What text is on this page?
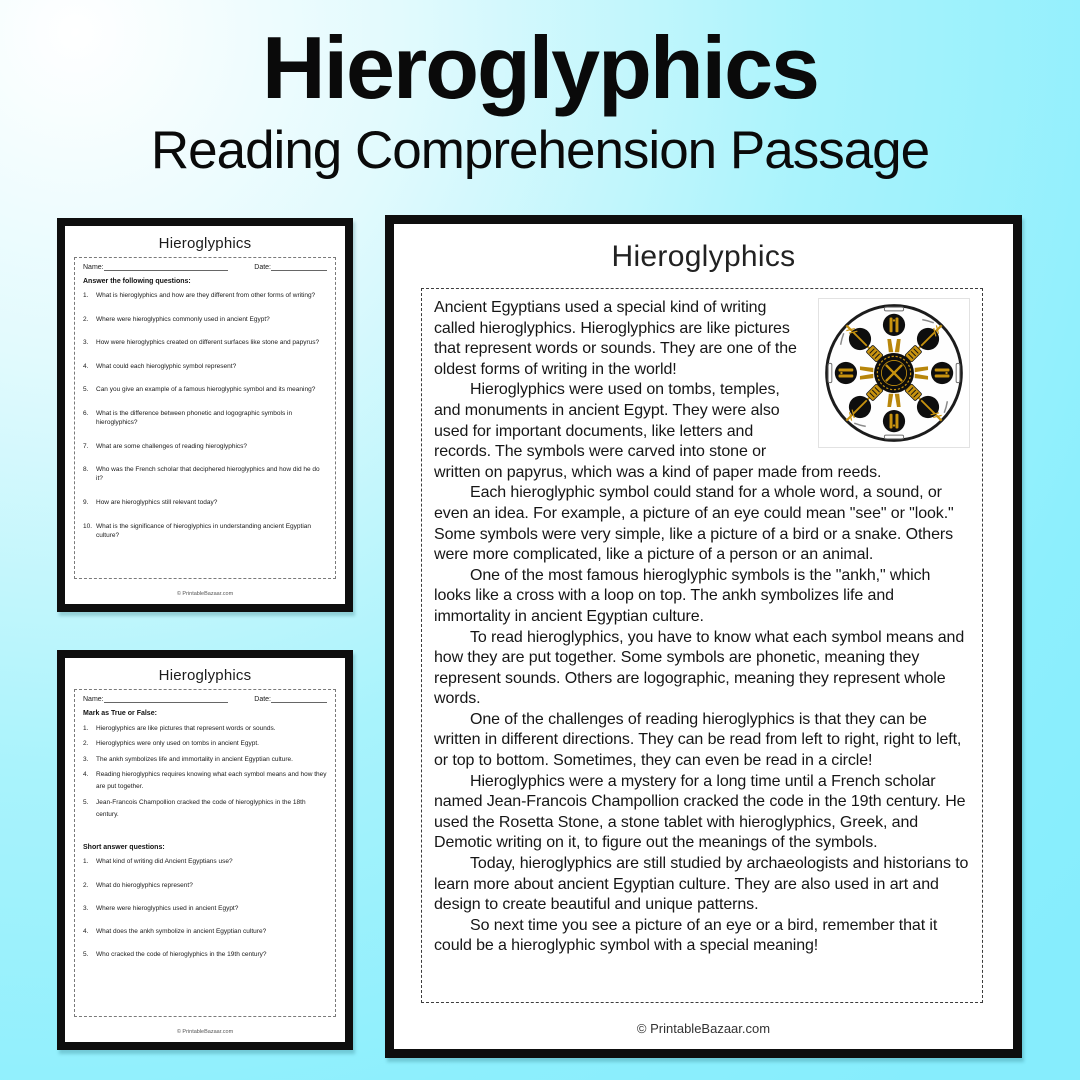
Hieroglyphics
Reading Comprehension Passage
Hieroglyphics
Name:	Date:
Answer the following questions:
1.	What is hieroglyphics and how are they different from other forms of writing?
2.	Where were hieroglyphics commonly used in ancient Egypt?
3.	How were hieroglyphics created on different surfaces like stone and papyrus?
4.	What could each hieroglyphic symbol represent?
5.	Can you give an example of a famous hieroglyphic symbol and its meaning?
6.	What is the difference between phonetic and logographic symbols in hieroglyphics?
7.	What are some challenges of reading hieroglyphics?
8.	Who was the French scholar that deciphered hieroglyphics and how did he do it?
9.	How are hieroglyphics still relevant today?
10. What is the significance of hieroglyphics in understanding ancient Egyptian culture?
© PrintableBazaar.com
Hieroglyphics
Name:	Date:
Mark as True or False:
1.	Hieroglyphics are like pictures that represent words or sounds.
2.	Hieroglyphics were only used on tombs in ancient Egypt.
3.	The ankh symbolizes life and immortality in ancient Egyptian culture.
4.	Reading hieroglyphics requires knowing what each symbol means and how they are put together.
5.	Jean-Francois Champollion cracked the code of hieroglyphics in the 18th century.
Short answer questions:
1.	What kind of writing did Ancient Egyptians use?
2.	What do hieroglyphics represent?
3.	Where were hieroglyphics used in ancient Egypt?
4.	What does the ankh symbolize in ancient Egyptian culture?
5.	Who cracked the code of hieroglyphics in the 19th century?
© PrintableBazaar.com
Hieroglyphics

Ancient Egyptians used a special kind of writing called hieroglyphics. Hieroglyphics are like pictures that represent words or sounds. They are one of the oldest forms of writing in the world!

Hieroglyphics were used on tombs, temples, and monuments in ancient Egypt. They were also used for important documents, like letters and records. The symbols were carved into stone or written on papyrus, which was a kind of paper made from reeds.

Each hieroglyphic symbol could stand for a whole word, a sound, or even an idea. For example, a picture of an eye could mean "see" or "look." Some symbols were very simple, like a picture of a bird or a snake. Others were more complicated, like a picture of a person or an animal.

One of the most famous hieroglyphic symbols is the "ankh," which looks like a cross with a loop on top. The ankh symbolizes life and immortality in ancient Egyptian culture.

To read hieroglyphics, you have to know what each symbol means and how they are put together. Some symbols are phonetic, meaning they represent sounds. Others are logographic, meaning they represent whole words.

One of the challenges of reading hieroglyphics is that they can be written in different directions. They can be read from left to right, right to left, or top to bottom. Sometimes, they can even be read in a circle!

Hieroglyphics were a mystery for a long time until a French scholar named Jean-Francois Champollion cracked the code in the 19th century. He used the Rosetta Stone, a stone tablet with hieroglyphics, Greek, and Demotic writing on it, to figure out the meanings of the symbols.

Today, hieroglyphics are still studied by archaeologists and historians to learn more about ancient Egyptian culture. They are also used in art and design to create beautiful and unique patterns.

So next time you see a picture of an eye or a bird, remember that it could be a hieroglyphic symbol with a special meaning!

© PrintableBazaar.com
